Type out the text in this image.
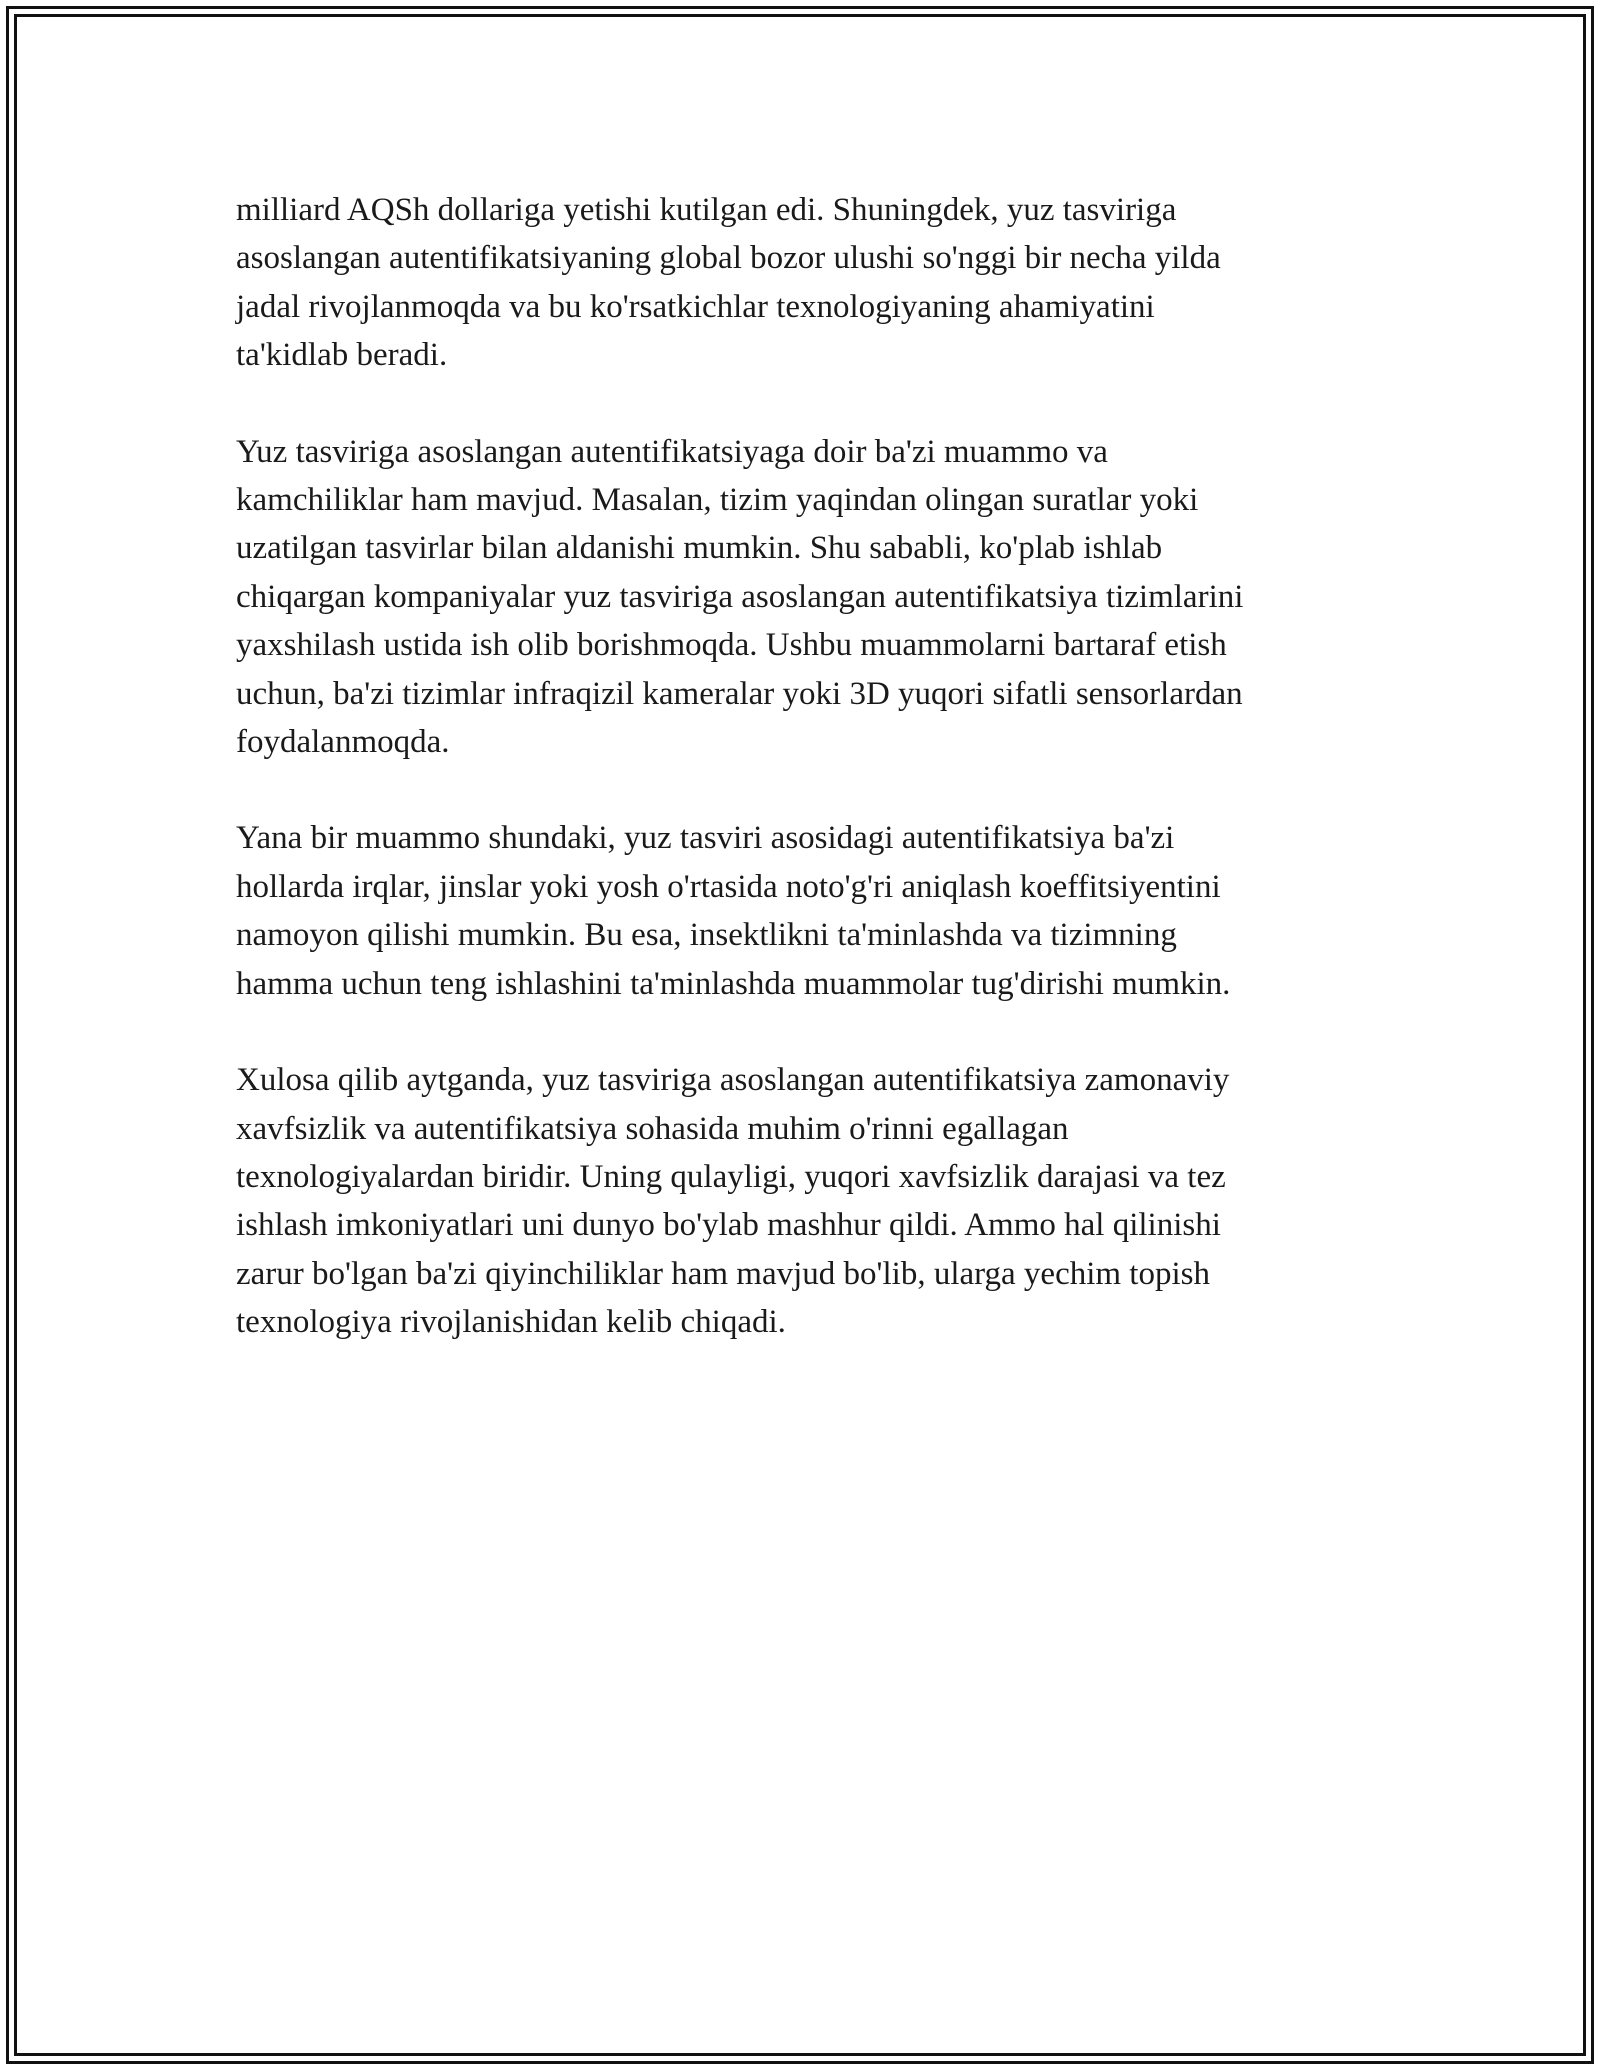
milliard AQSh dollariga yetishi kutilgan edi. Shuningdek, yuz tasviriga
asoslangan autentifikatsiyaning global bozor ulushi so'nggi bir necha yilda
jadal rivojlanmoqda va bu ko'rsatkichlar texnologiyaning ahamiyatini
ta'kidlab beradi.

Yuz tasviriga asoslangan autentifikatsiyaga doir ba'zi muammo va
kamchiliklar ham mavjud. Masalan, tizim yaqindan olingan suratlar yoki
uzatilgan tasvirlar bilan aldanishi mumkin. Shu sababli, ko'plab ishlab
chiqargan kompaniyalar yuz tasviriga asoslangan autentifikatsiya tizimlarini
yaxshilash ustida ish olib borishmoqda. Ushbu muammolarni bartaraf etish
uchun, ba'zi tizimlar infraqizil kameralar yoki 3D yuqori sifatli sensorlardan
foydalanmoqda.

Yana bir muammo shundaki, yuz tasviri asosidagi autentifikatsiya ba'zi
hollarda irqlar, jinslar yoki yosh o'rtasida noto'g'ri aniqlash koeffitsiyentini
namoyon qilishi mumkin. Bu esa, insektlikni ta'minlashda va tizimning
hamma uchun teng ishlashini ta'minlashda muammolar tug'dirishi mumkin.

Xulosa qilib aytganda, yuz tasviriga asoslangan autentifikatsiya zamonaviy
xavfsizlik va autentifikatsiya sohasida muhim o'rinni egallagan
texnologiyalardan biridir. Uning qulayligi, yuqori xavfsizlik darajasi va tez
ishlash imkoniyatlari uni dunyo bo'ylab mashhur qildi. Ammo hal qilinishi
zarur bo'lgan ba'zi qiyinchiliklar ham mavjud bo'lib, ularga yechim topish
texnologiya rivojlanishidan kelib chiqadi.
